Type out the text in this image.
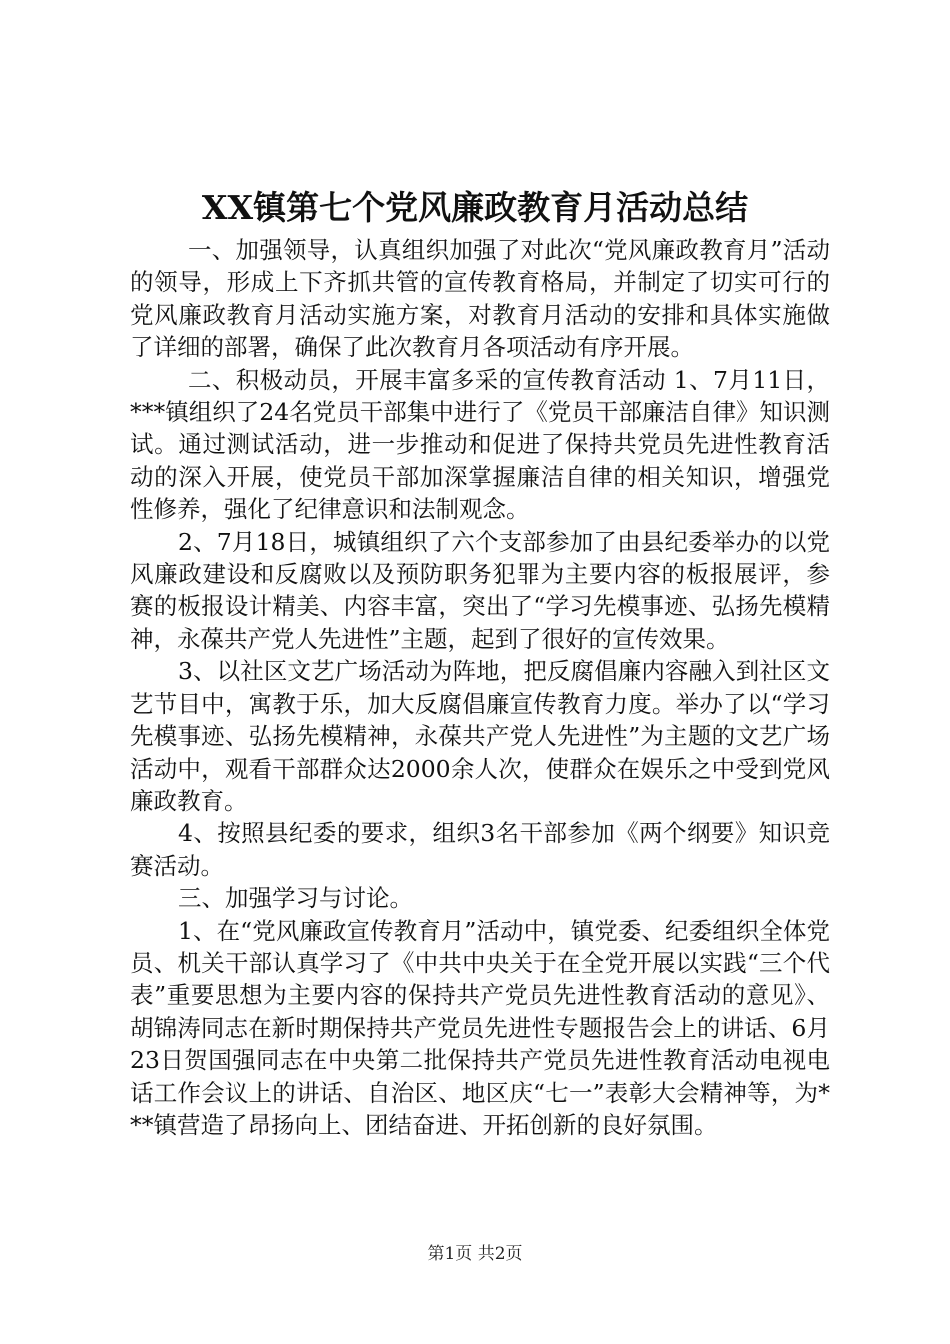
XX镇第七个党风廉政教育月活动总结

一、加强领导，认真组织加强了对此次“党风廉政教育月”活动的领导，形成上下齐抓共管的宣传教育格局，并制定了切实可行的党风廉政教育月活动实施方案，对教育月活动的安排和具体实施做了详细的部署，确保了此次教育月各项活动有序开展。

二、积极动员，开展丰富多采的宣传教育活动 1、7月11日，***镇组织了24名党员干部集中进行了《党员干部廉洁自律》知识测试。通过测试活动，进一步推动和促进了保持共党员先进性教育活动的深入开展，使党员干部加深掌握廉洁自律的相关知识，增强党性修养，强化了纪律意识和法制观念。

2、7月18日，城镇组织了六个支部参加了由县纪委举办的以党风廉政建设和反腐败以及预防职务犯罪为主要内容的板报展评，参赛的板报设计精美、内容丰富，突出了“学习先模事迹、弘扬先模精神，永葆共产党人先进性”主题，起到了很好的宣传效果。

3、以社区文艺广场活动为阵地，把反腐倡廉内容融入到社区文艺节目中，寓教于乐，加大反腐倡廉宣传教育力度。举办了以“学习先模事迹、弘扬先模精神，永葆共产党人先进性”为主题的文艺广场活动中，观看干部群众达2000余人次，使群众在娱乐之中受到党风廉政教育。

4、按照县纪委的要求，组织3名干部参加《两个纲要》知识竞赛活动。

三、加强学习与讨论。

1、在“党风廉政宣传教育月”活动中，镇党委、纪委组织全体党员、机关干部认真学习了《中共中央关于在全党开展以实践“三个代表”重要思想为主要内容的保持共产党员先进性教育活动的意见》、胡锦涛同志在新时期保持共产党员先进性专题报告会上的讲话、6月23日贺国强同志在中央第二批保持共产党员先进性教育活动电视电话工作会议上的讲话、自治区、地区庆“七一”表彰大会精神等，为***镇营造了昂扬向上、团结奋进、开拓创新的良好氛围。

第1页 共2页
